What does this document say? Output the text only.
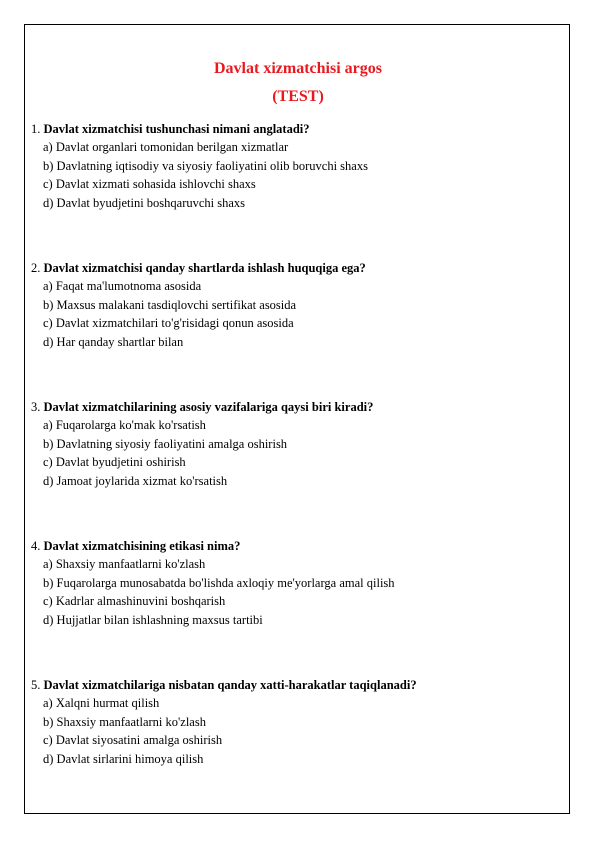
Davlat xizmatchisi argos
(TEST)
1. Davlat xizmatchisi tushunchasi nimani anglatadi?
a) Davlat organlari tomonidan berilgan xizmatlar
b) Davlatning iqtisodiy va siyosiy faoliyatini olib boruvchi shaxs
c) Davlat xizmati sohasida ishlovchi shaxs
d) Davlat byudjetini boshqaruvchi shaxs
2. Davlat xizmatchisi qanday shartlarda ishlash huquqiga ega?
a) Faqat ma'lumotnoma asosida
b) Maxsus malakani tasdiqlovchi sertifikat asosida
c) Davlat xizmatchilari to'g'risidagi qonun asosida
d) Har qanday shartlar bilan
3. Davlat xizmatchilarining asosiy vazifalariga qaysi biri kiradi?
a) Fuqarolarga ko'mak ko'rsatish
b) Davlatning siyosiy faoliyatini amalga oshirish
c) Davlat byudjetini oshirish
d) Jamoat joylarida xizmat ko'rsatish
4. Davlat xizmatchisining etikasi nima?
a) Shaxsiy manfaatlarni ko'zlash
b) Fuqarolarga munosabatda bo'lishda axloqiy me'yorlarga amal qilish
c) Kadrlar almashinuvini boshqarish
d) Hujjatlar bilan ishlashning maxsus tartibi
5. Davlat xizmatchilariga nisbatan qanday xatti-harakatlar taqiqlanadi?
a) Xalqni hurmat qilish
b) Shaxsiy manfaatlarni ko'zlash
c) Davlat siyosatini amalga oshirish
d) Davlat sirlarini himoya qilish
